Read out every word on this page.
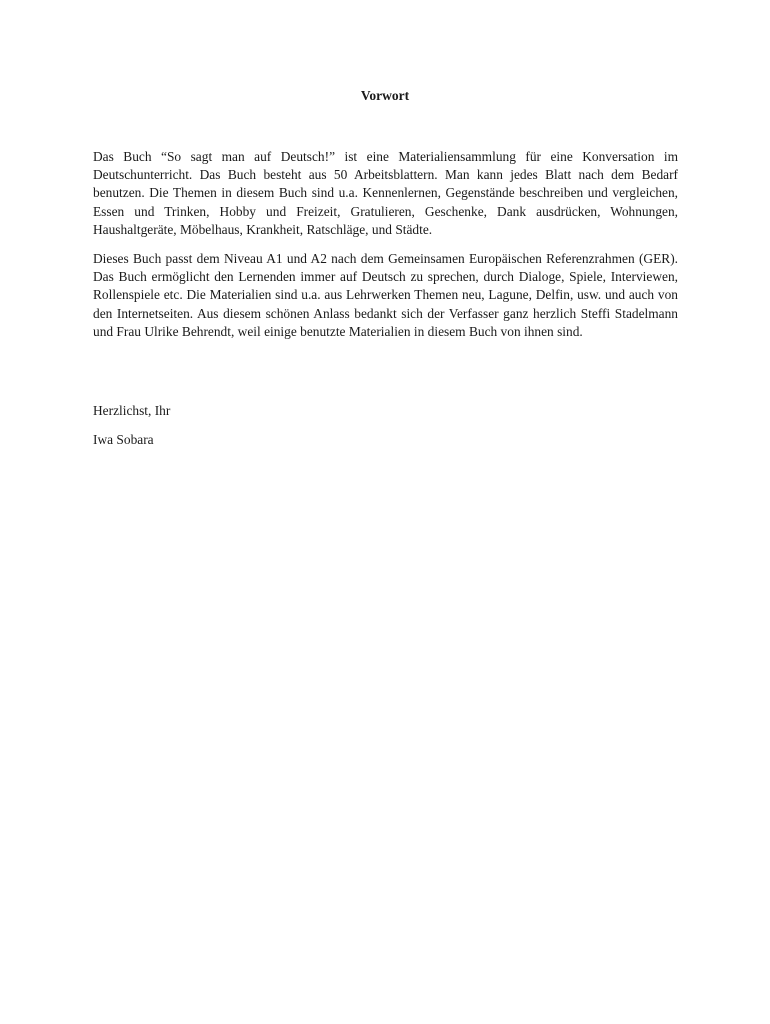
Vorwort

Das Buch “So sagt man auf Deutsch!” ist eine Materialiensammlung für eine Konversation im Deutschunterricht. Das Buch besteht aus 50 Arbeitsblattern. Man kann jedes Blatt nach dem Bedarf benutzen. Die Themen in diesem Buch sind u.a. Kennenlernen, Gegenstände beschreiben und vergleichen, Essen und Trinken, Hobby und Freizeit, Gratulieren, Geschenke, Dank ausdrücken, Wohnungen, Haushaltgeräte, Möbelhaus, Krankheit, Ratschläge, und Städte.

Dieses Buch passt dem Niveau A1 und A2 nach dem Gemeinsamen Europäischen Referenzrahmen (GER). Das Buch ermöglicht den Lernenden immer auf Deutsch zu sprechen, durch Dialoge, Spiele, Interviewen, Rollenspiele etc. Die Materialien sind u.a. aus Lehrwerken Themen neu, Lagune, Delfin, usw. und auch von den Internetseiten. Aus diesem schönen Anlass bedankt sich der Verfasser ganz herzlich Steffi Stadelmann und Frau Ulrike Behrendt, weil einige benutzte Materialien in diesem Buch von ihnen sind.

Herzlichst, Ihr

Iwa Sobara
